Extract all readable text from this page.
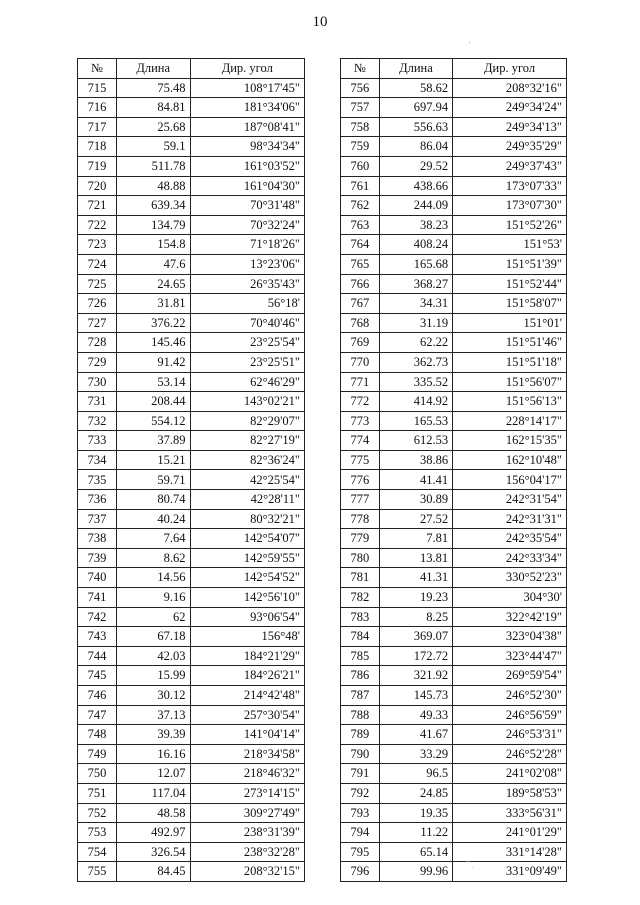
10
№	Длина	Дир. угол
715	75.48	108°17'45"
716	84.81	181°34'06"
717	25.68	187°08'41"
718	59.1	98°34'34"
719	511.78	161°03'52"
720	48.88	161°04'30"
721	639.34	70°31'48"
722	134.79	70°32'24"
723	154.8	71°18'26"
724	47.6	13°23'06"
725	24.65	26°35'43"
726	31.81	56°18'
727	376.22	70°40'46"
728	145.46	23°25'54"
729	91.42	23°25'51"
730	53.14	62°46'29"
731	208.44	143°02'21"
732	554.12	82°29'07"
733	37.89	82°27'19"
734	15.21	82°36'24"
735	59.71	42°25'54"
736	80.74	42°28'11"
737	40.24	80°32'21"
738	7.64	142°54'07"
739	8.62	142°59'55"
740	14.56	142°54'52"
741	9.16	142°56'10"
742	62	93°06'54"
743	67.18	156°48'
744	42.03	184°21'29"
745	15.99	184°26'21"
746	30.12	214°42'48"
747	37.13	257°30'54"
748	39.39	141°04'14"
749	16.16	218°34'58"
750	12.07	218°46'32"
751	117.04	273°14'15"
752	48.58	309°27'49"
753	492.97	238°31'39"
754	326.54	238°32'28"
755	84.45	208°32'15"
№	Длина	Дир. угол
756	58.62	208°32'16"
757	697.94	249°34'24"
758	556.63	249°34'13"
759	86.04	249°35'29"
760	29.52	249°37'43"
761	438.66	173°07'33"
762	244.09	173°07'30"
763	38.23	151°52'26"
764	408.24	151°53'
765	165.68	151°51'39"
766	368.27	151°52'44"
767	34.31	151°58'07"
768	31.19	151°01'
769	62.22	151°51'46"
770	362.73	151°51'18"
771	335.52	151°56'07"
772	414.92	151°56'13"
773	165.53	228°14'17"
774	612.53	162°15'35"
775	38.86	162°10'48"
776	41.41	156°04'17"
777	30.89	242°31'54"
778	27.52	242°31'31"
779	7.81	242°35'54"
780	13.81	242°33'34"
781	41.31	330°52'23"
782	19.23	304°30'
783	8.25	322°42'19"
784	369.07	323°04'38"
785	172.72	323°44'47"
786	321.92	269°59'54"
787	145.73	246°52'30"
788	49.33	246°56'59"
789	41.67	246°53'31"
790	33.29	246°52'28"
791	96.5	241°02'08"
792	24.85	189°58'53"
793	19.35	333°56'31"
794	11.22	241°01'29"
795	65.14	331°14'28"
796	99.96	331°09'49"
ʼ
⁻ˎ
